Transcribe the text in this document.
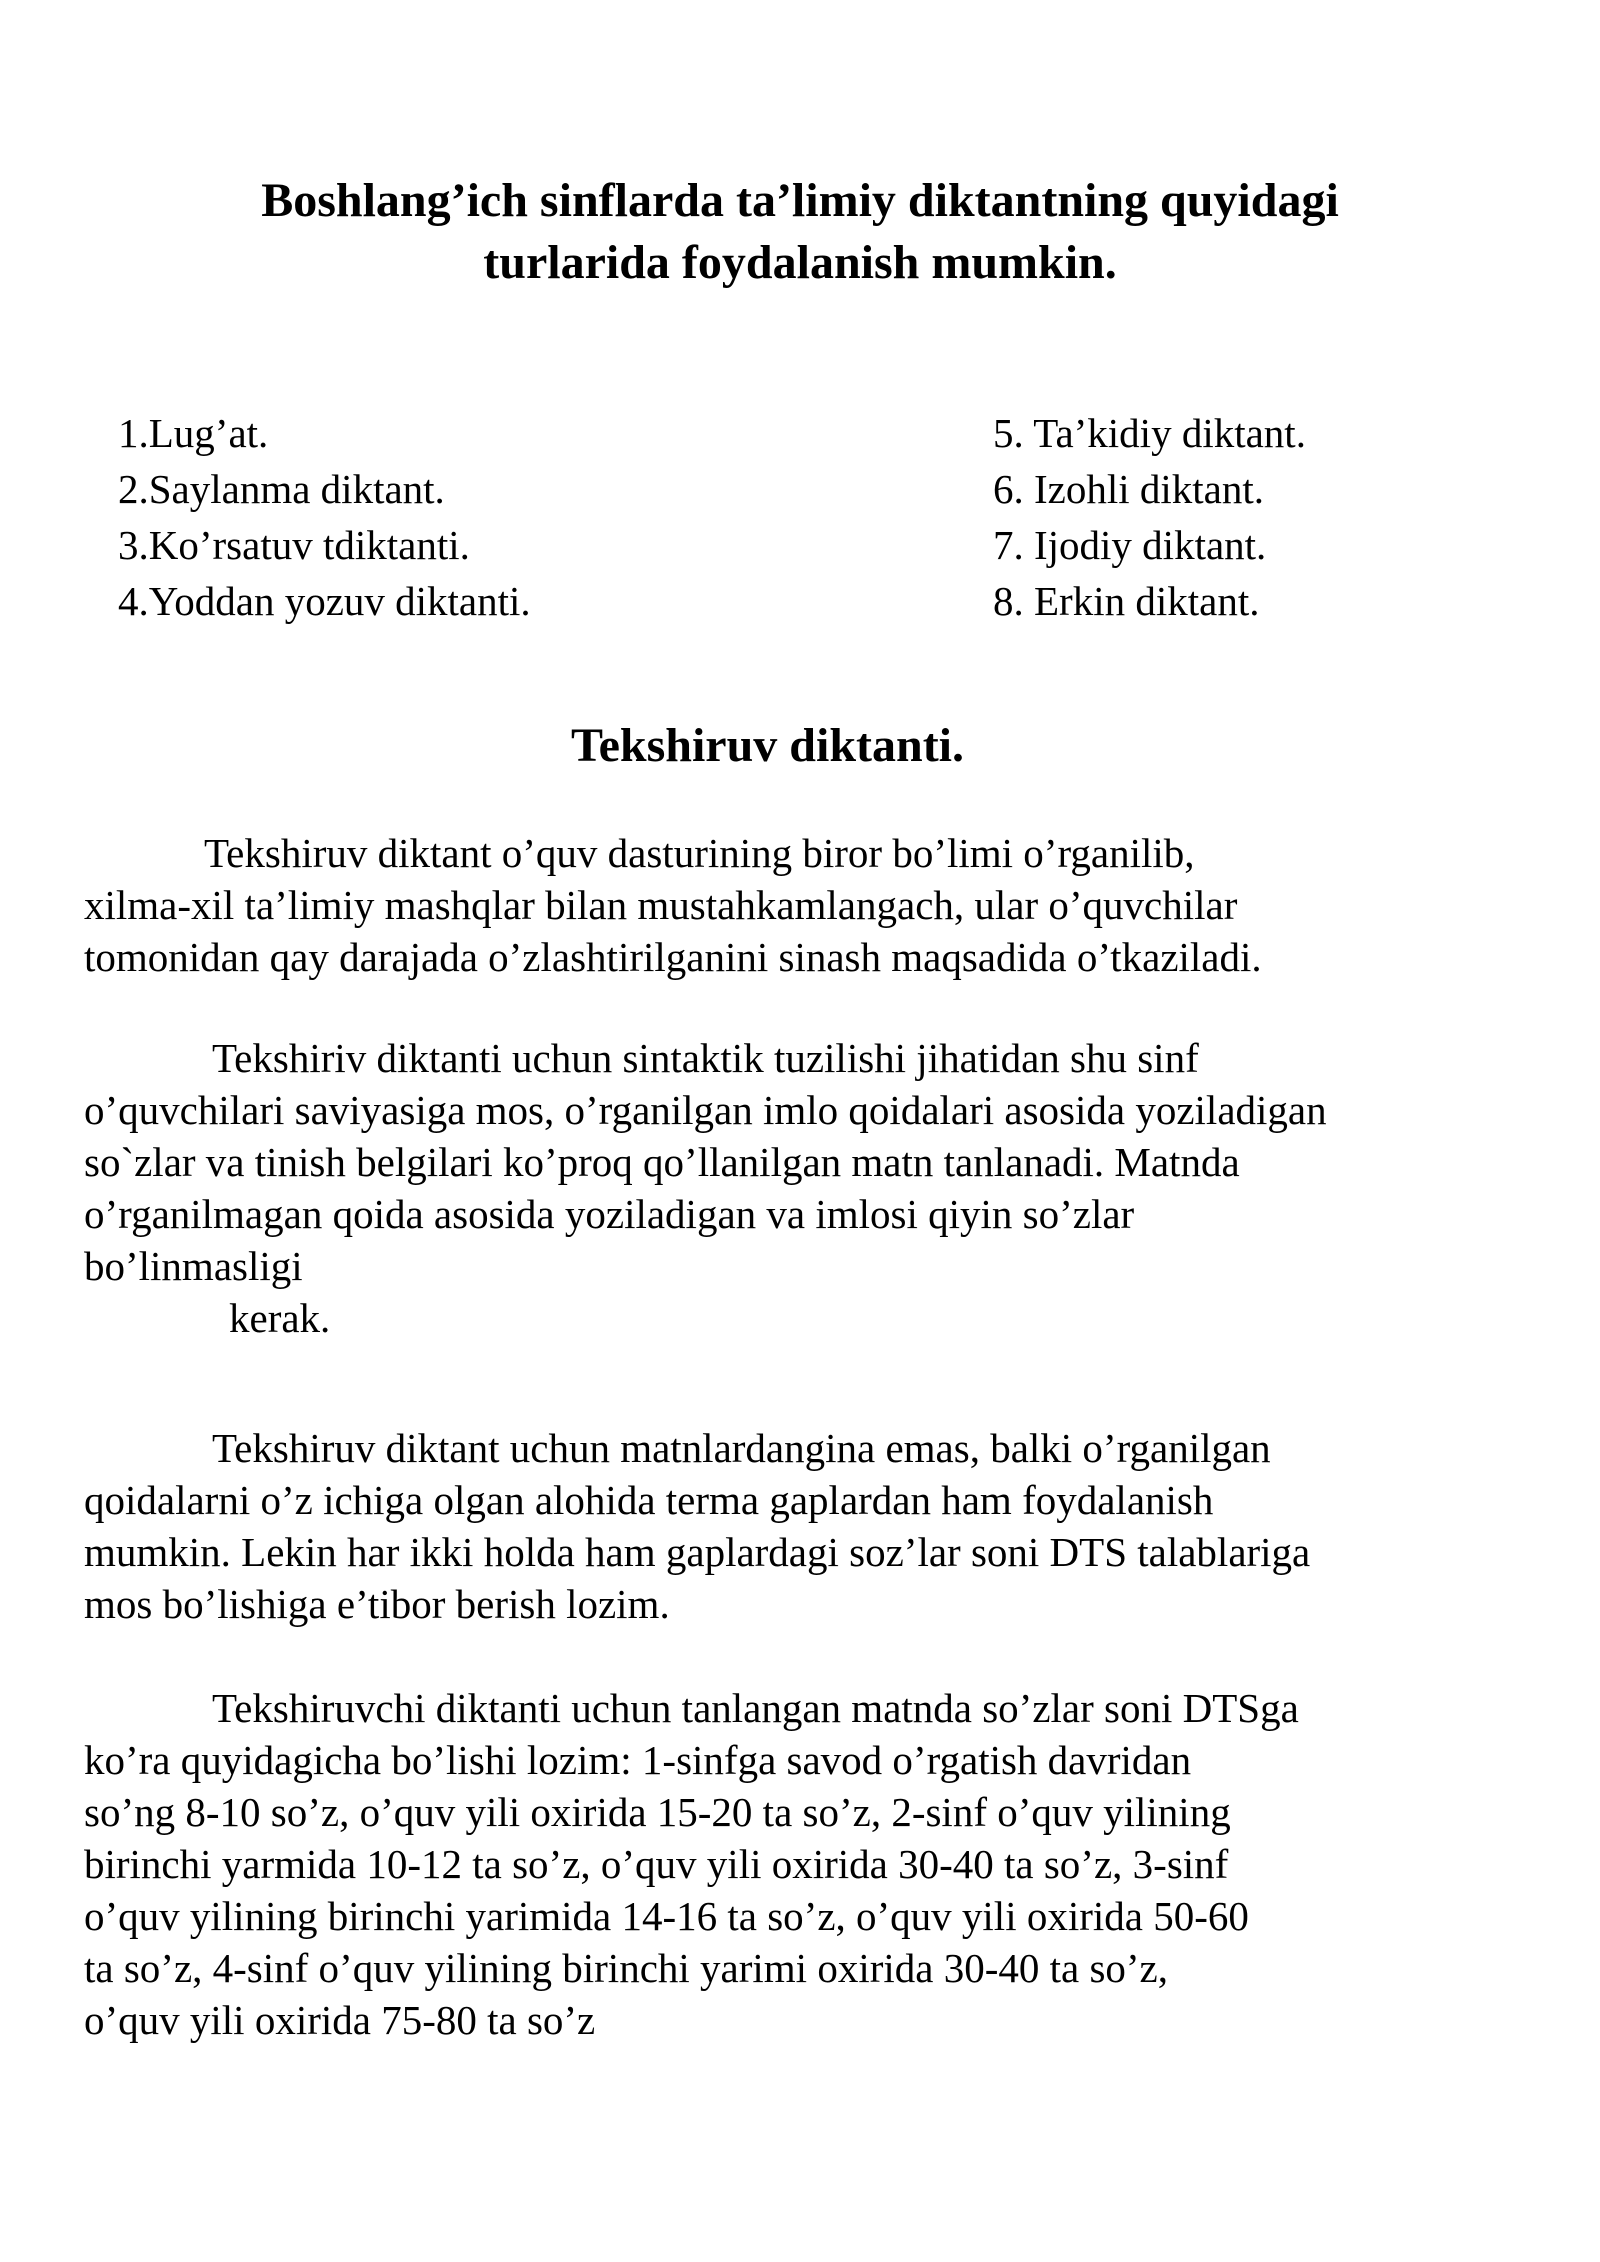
Boshlang’ich sinflarda ta’limiy diktantning quyidagi
turlarida foydalanish mumkin.
1.Lug’at.
2.Saylanma diktant.
3.Ko’rsatuv tdiktanti.
4.Yoddan yozuv diktanti.
5. Ta’kidiy diktant.
6. Izohli diktant.
7. Ijodiy diktant.
8. Erkin diktant.
Tekshiruv diktanti.

Tekshiruv diktant o’quv dasturining biror bo’limi o’rganilib,
xilma-xil ta’limiy mashqlar bilan mustahkamlangach, ular o’quvchilar
tomonidan qay darajada o’zlashtirilganini sinash maqsadida o’tkaziladi.

Tekshiriv diktanti uchun sintaktik tuzilishi jihatidan shu sinf
o’quvchilari saviyasiga mos, o’rganilgan imlo qoidalari asosida yoziladigan
so`zlar va tinish belgilari ko’proq qo’llanilgan matn tanlanadi. Matnda
o’rganilmagan qoida asosida yoziladigan va imlosi qiyin so’zlar
bo’linmasligi
kerak.

Tekshiruv diktant uchun matnlardangina emas, balki o’rganilgan
qoidalarni o’z ichiga olgan alohida terma gaplardan ham foydalanish
mumkin. Lekin har ikki holda ham gaplardagi soz’lar soni DTS talablariga
mos bo’lishiga e’tibor berish lozim.

Tekshiruvchi diktanti uchun tanlangan matnda so’zlar soni DTSga
ko’ra quyidagicha bo’lishi lozim: 1-sinfga savod o’rgatish davridan
so’ng 8-10 so’z, o’quv yili oxirida 15-20 ta so’z, 2-sinf o’quv yilining
birinchi yarmida 10-12 ta so’z, o’quv yili oxirida 30-40 ta so’z, 3-sinf
o’quv yilining birinchi yarimida 14-16 ta so’z, o’quv yili oxirida 50-60
ta so’z, 4-sinf o’quv yilining birinchi yarimi oxirida 30-40 ta so’z,
o’quv yili oxirida 75-80 ta so’z
